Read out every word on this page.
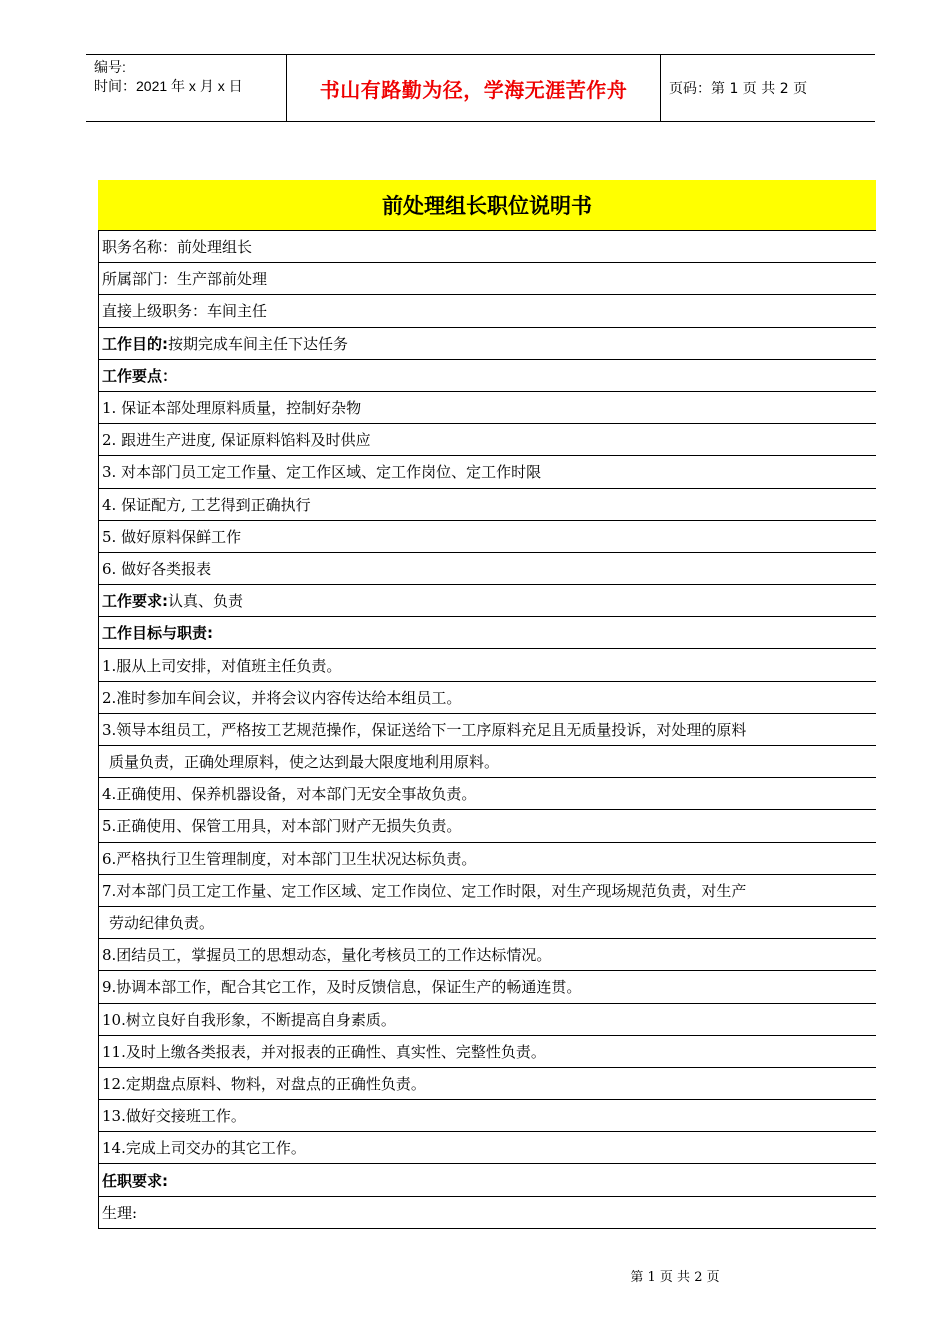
编号:
时间：2021 年 x 月 x 日	书山有路勤为径，学海无涯苦作舟	页码：第 1 页 共 2 页
前处理组长职位说明书
职务名称：前处理组长
所属部门：生产部前处理
直接上级职务：车间主任
工作目的: 按期完成车间主任下达任务
工作要点：
1. 保证本部处理原料质量，控制好杂物
2. 跟进生产进度, 保证原料馅料及时供应
3. 对本部门员工定工作量、定工作区域、定工作岗位、定工作时限
4. 保证配方, 工艺得到正确执行
5. 做好原料保鲜工作
6. 做好各类报表
工作要求: 认真、负责
工作目标与职责:
1.服从上司安排，对值班主任负责。
2.准时参加车间会议，并将会议内容传达给本组员工。
3.领导本组员工，严格按工艺规范操作，保证送给下一工序原料充足且无质量投诉，对处理的原料
质量负责，正确处理原料，使之达到最大限度地利用原料。
4.正确使用、保养机器设备，对本部门无安全事故负责。
5.正确使用、保管工用具，对本部门财产无损失负责。
6.严格执行卫生管理制度，对本部门卫生状况达标负责。
7.对本部门员工定工作量、定工作区域、定工作岗位、定工作时限，对生产现场规范负责，对生产
劳动纪律负责。
8.团结员工，掌握员工的思想动态，量化考核员工的工作达标情况。
9.协调本部工作，配合其它工作，及时反馈信息，保证生产的畅通连贯。
10.树立良好自我形象，不断提高自身素质。
11.及时上缴各类报表，并对报表的正确性、真实性、完整性负责。
12.定期盘点原料、物料，对盘点的正确性负责。
13.做好交接班工作。
14.完成上司交办的其它工作。
任职要求:
生理:
第 1 页 共 2 页
